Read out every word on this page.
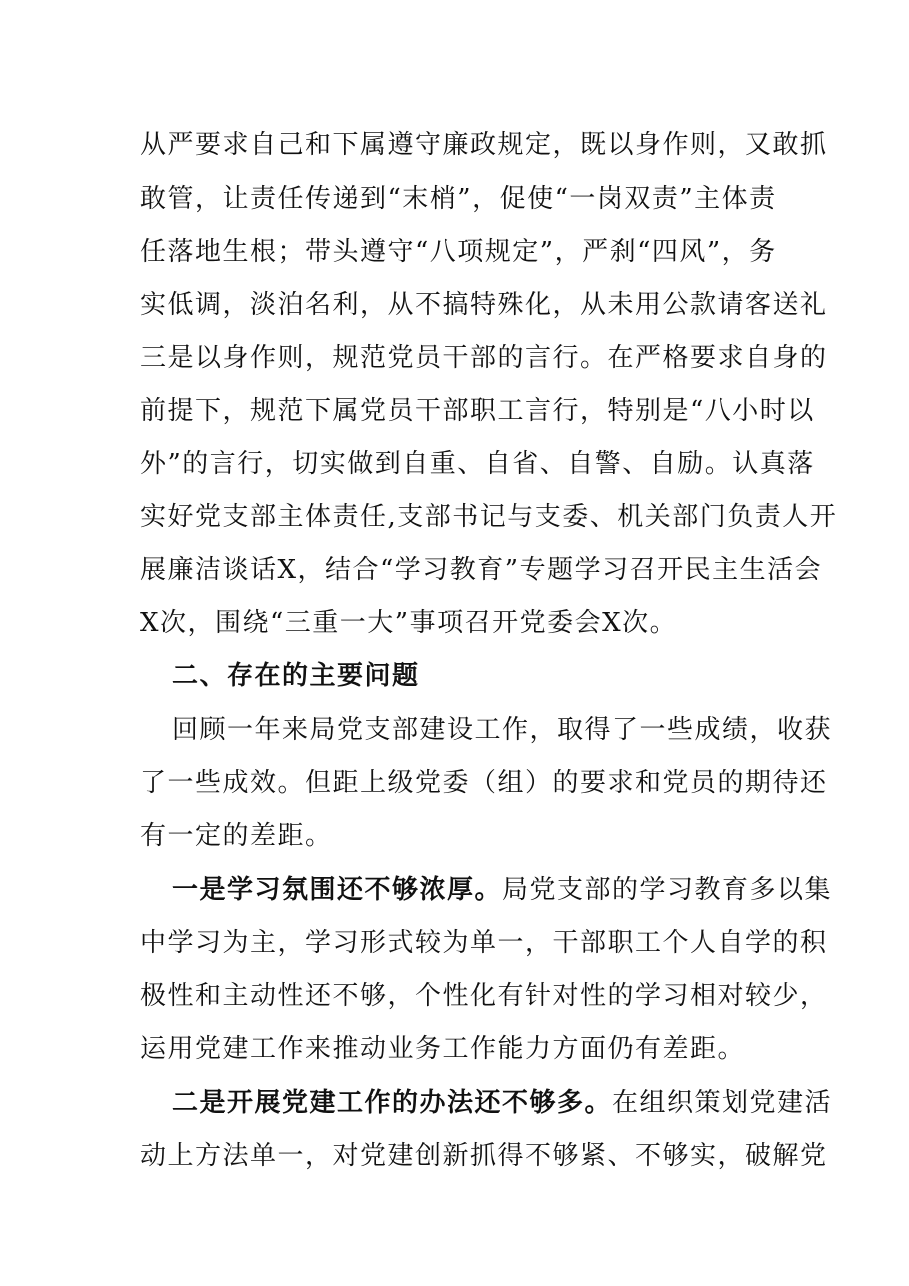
从严要求自己和下属遵守廉政规定，既以身作则，又敢抓
敢管，让责任传递到“末梢”，促使“一岗双责”主体责
任落地生根；带头遵守“八项规定”，严刹“四风”，务
实低调，淡泊名利，从不搞特殊化，从未用公款请客送礼
三是以身作则，规范党员干部的言行。在严格要求自身的
前提下，规范下属党员干部职工言行，特别是“八小时以
外”的言行，切实做到自重、自省、自警、自励。认真落
实好党支部主体责任,支部书记与支委、机关部门负责人开
展廉洁谈话X，结合“学习教育”专题学习召开民主生活会
X次，围绕“三重一大”事项召开党委会X次。
二、存在的主要问题
回顾一年来局党支部建设工作，取得了一些成绩，收获
了一些成效。但距上级党委（组）的要求和党员的期待还
有一定的差距。
一是学习氛围还不够浓厚。局党支部的学习教育多以集
中学习为主，学习形式较为单一，干部职工个人自学的积
极性和主动性还不够，个性化有针对性的学习相对较少，
运用党建工作来推动业务工作能力方面仍有差距。
二是开展党建工作的办法还不够多。在组织策划党建活
动上方法单一，对党建创新抓得不够紧、不够实，破解党
